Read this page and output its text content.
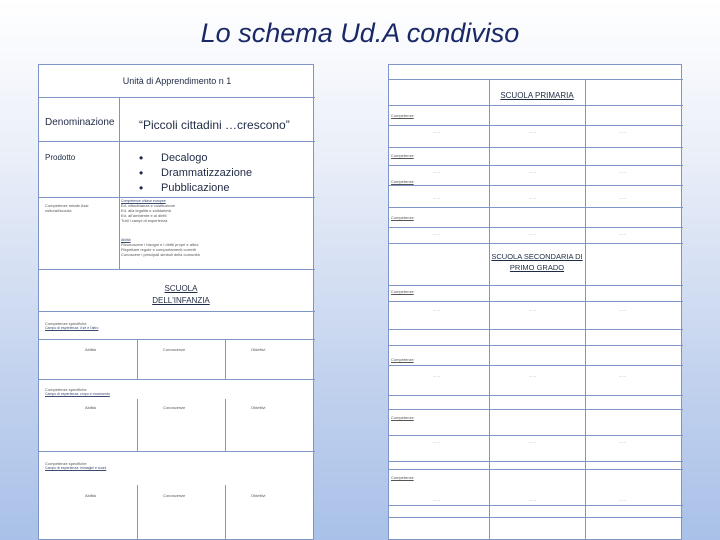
Lo schema Ud.A condiviso
Unità di Apprendimento n 1
Denominazione “Piccoli cittadini …crescono”
Prodotto
•	Decalogo
• Drammatizzazione
• Pubblicazione
Competenze mirate Assi culturali/scuola
Competenze chiave europee
Ed. cittadinanza e costituzione
Ed. alla legalità e solidarietà
Ed. all'ambiente e ai diritti
Tutti i campi di esperienza
Abilità
Riconoscere i bisogni e i diritti propri e altrui
Rispettare regole e comportamenti corretti
Conoscere i principali simboli della comunità
SCUOLA DELL'INFANZIA
Competenze specifiche
Campo di esperienza: il sé e l'altro
Abilità	Conoscenze	Obiettivi
Competenze specifiche
Campo di esperienza: corpo e movimento
Abilità	Conoscenze	Obiettivi
Competenze specifiche
Campo di esperienza: immagini e suoni
Abilità	Conoscenze	Obiettivi
SCUOLA PRIMARIA
SCUOLA SECONDARIA DI PRIMO GRADO
Competenze
— —	— —	— —
Competenze
— —	— —	— —
Competenze
— —	— —	— —
Competenze
— —	— —	— —
Competenze
— —	— —	— —
Competenze
— —	— —	— —
Competenze
— —	— —	— —
Competenze
— —	— —	— —
